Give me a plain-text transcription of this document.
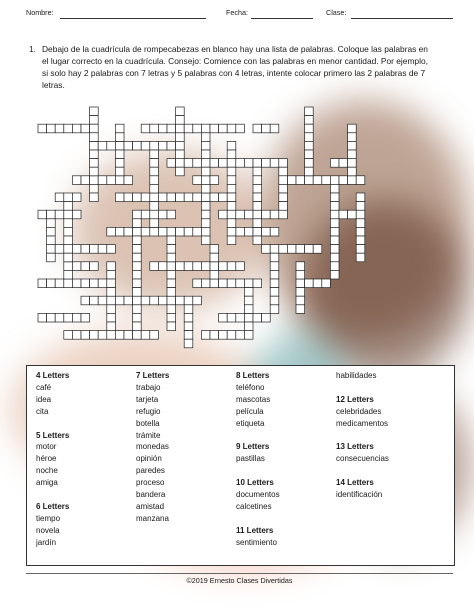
Nombre:	Fecha:	Clase:
1. Debajo de la cuadrícula de rompecabezas en blanco hay una lista de palabras. Coloque las palabras en el lugar correcto en la cuadrícula. Consejo: Comience con las palabras en menor cantidad. Por ejemplo, si solo hay 2 palabras con 7 letras y 5 palabras con 4 letras, intente colocar primero las 2 palabras de 7 letras.
4 Letters
café
idea
cita
5 Letters
motor
héroe
noche
amiga
6 Letters
tiempo
novela
jardín
7 Letters
trabajo
tarjeta
refugio
botella
trámite
monedas
opinión
paredes
proceso
bandera
amistad
manzana
8 Letters
teléfono
mascotas
película
etiqueta
9 Letters
pastillas
10 Letters
documentos
calcetines
11 Letters
sentimiento
habilidades
12 Letters
celebridades
medicamentos
13 Letters
consecuencias
14 Letters
identificación
©2019 Ernesto Clases Divertidas
